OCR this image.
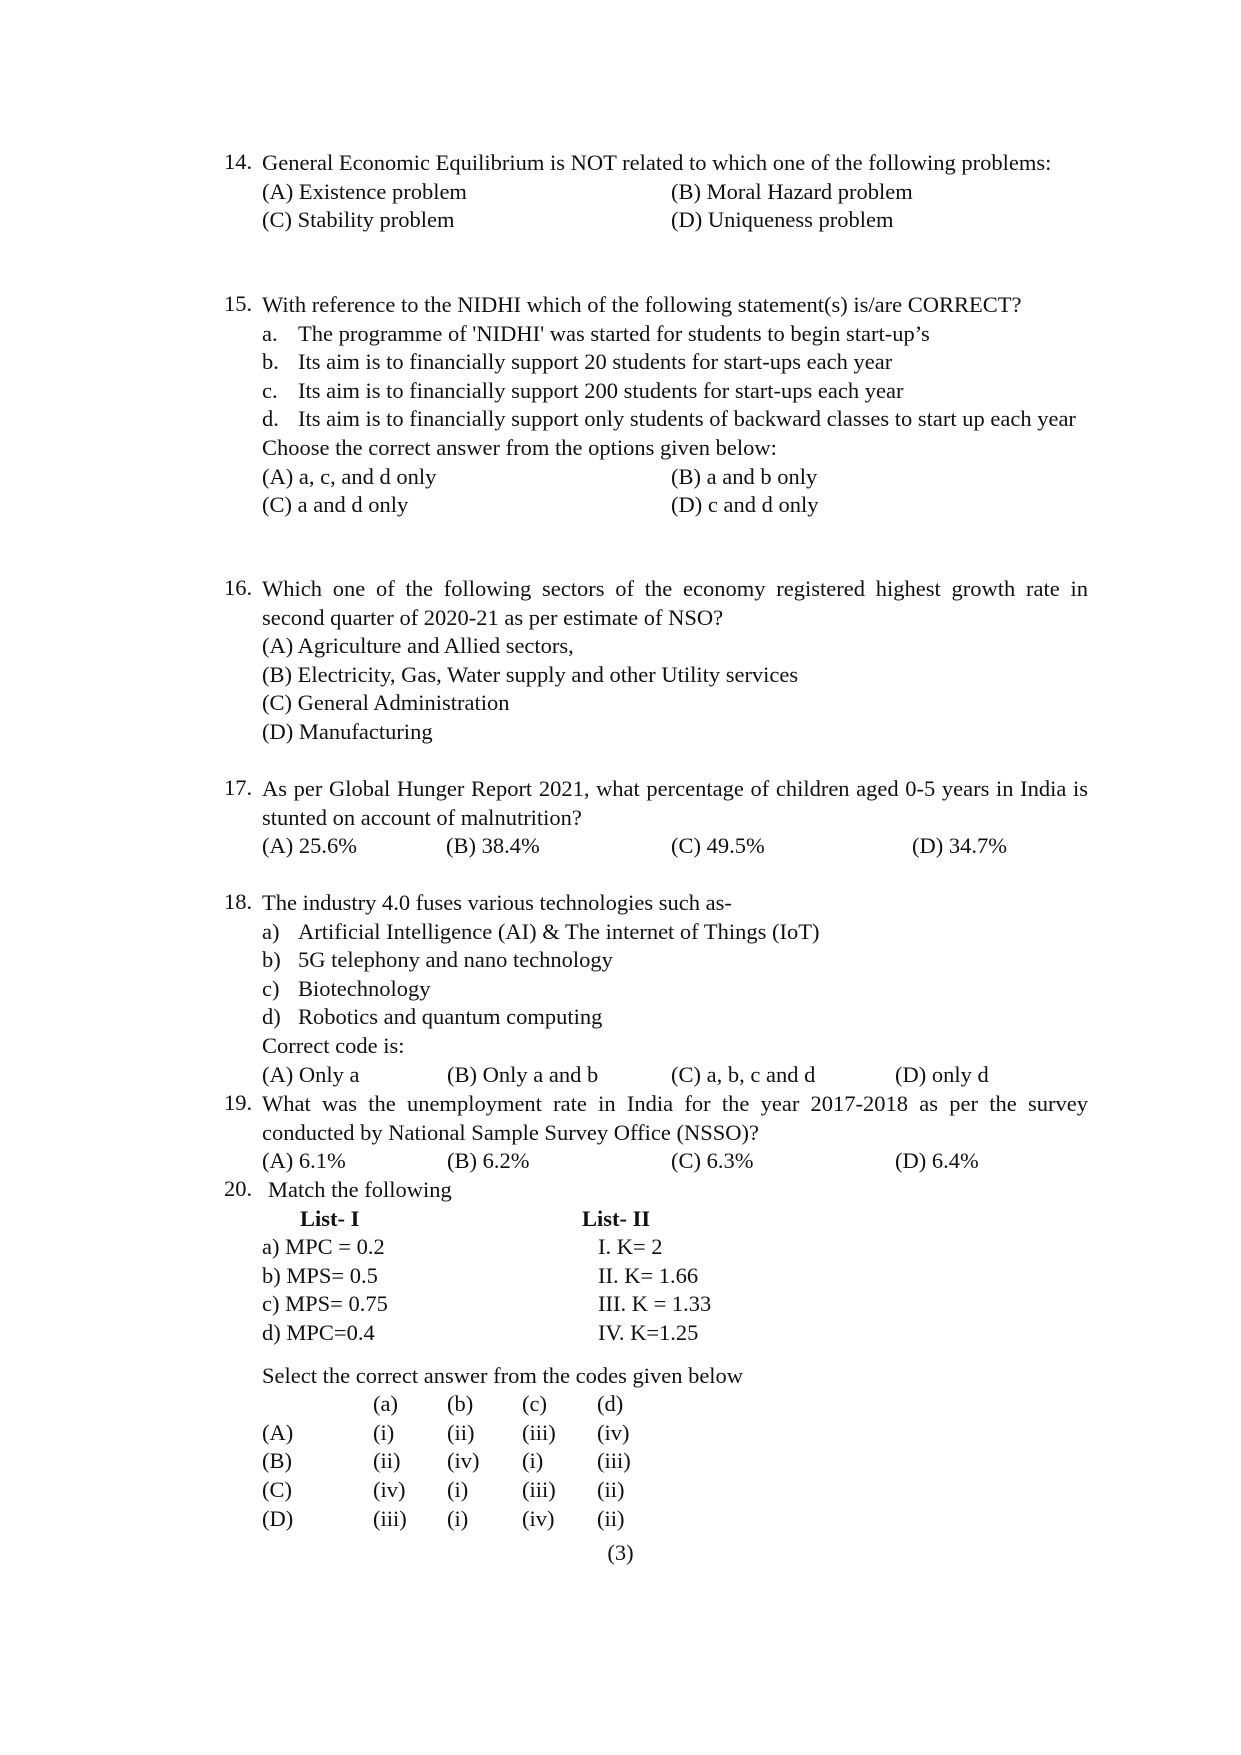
14. General Economic Equilibrium is NOT related to which one of the following problems:
(A) Existence problem	(B) Moral Hazard problem
(C) Stability problem	(D) Uniqueness problem
15. With reference to the NIDHI which of the following statement(s) is/are CORRECT?
a. The programme of 'NIDHI' was started for students to begin start-up’s
b. Its aim is to financially support 20 students for start-ups each year
c. Its aim is to financially support 200 students for start-ups each year
d. Its aim is to financially support only students of backward classes to start up each year
Choose the correct answer from the options given below:
(A) a, c, and d only	(B) a and b only
(C) a and d only	(D) c and d only
16. Which one of the following sectors of the economy registered highest growth rate in second quarter of 2020-21 as per estimate of NSO?
(A) Agriculture and Allied sectors,
(B) Electricity, Gas, Water supply and other Utility services
(C) General Administration
(D) Manufacturing
17. As per Global Hunger Report 2021, what percentage of children aged 0-5 years in India is stunted on account of malnutrition?
(A) 25.6%	(B) 38.4%	(C) 49.5%	(D) 34.7%
18. The industry 4.0 fuses various technologies such as-
a) Artificial Intelligence (AI) & The internet of Things (IoT)
b) 5G telephony and nano technology
c) Biotechnology
d) Robotics and quantum computing
Correct code is:
(A) Only a	(B) Only a and b	(C) a, b, c and d	(D) only d
19. What was the unemployment rate in India for the year 2017-2018 as per the survey conducted by National Sample Survey Office (NSSO)?
(A) 6.1%	(B) 6.2%	(C) 6.3%	(D) 6.4%
20. Match the following
List- I	List- II
a) MPC = 0.2	I. K= 2
b) MPS= 0.5	II. K= 1.66
c) MPS= 0.75	III. K = 1.33
d) MPC=0.4	IV. K=1.25
Select the correct answer from the codes given below
	(a)	(b)	(c)	(d)
(A)	(i)	(ii)	(iii)	(iv)
(B)	(ii)	(iv)	(i)	(iii)
(C)	(iv)	(i)	(iii)	(ii)
(D)	(iii)	(i)	(iv)	(ii)
(3)
